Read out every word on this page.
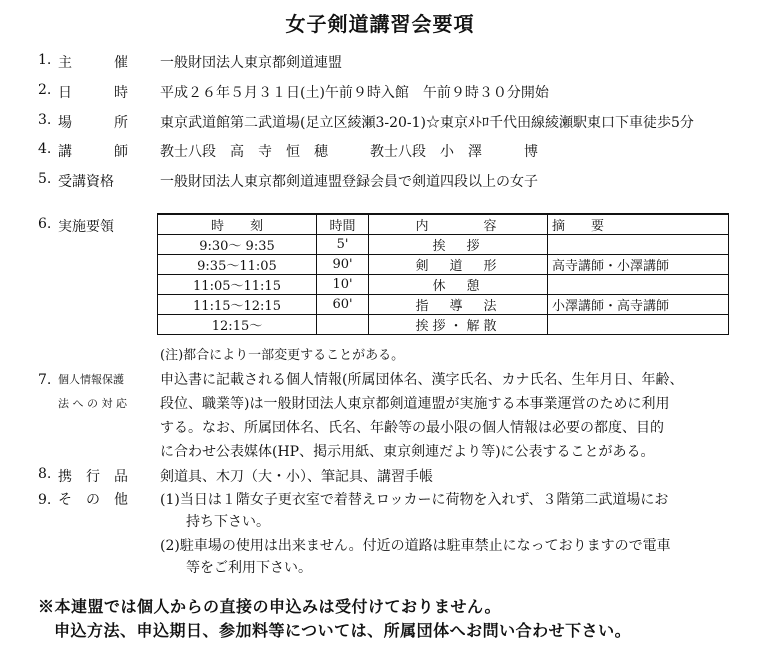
女子剣道講習会要項
1. 主　　　催	一般財団法人東京都剣道連盟
2. 日　　　時	平成２６年５月３１日(土)午前９時入館　午前９時３０分開始
3. 場　　　所	東京武道館第二武道場(足立区綾瀬3-20-1)☆東京ﾒﾄﾛ千代田線綾瀬駅東口下車徒歩5分
4. 講　　　師	教士八段　高　寺　恒　穂　　　教士八段　小　澤　　　博
5. 受講資格	一般財団法人東京都剣道連盟登録会員で剣道四段以上の女子
6. 実施要領	時　　刻	時間	内　　　容	摘　　要
9:30～ 9:35	5'	挨　拶	
9:35～11:05	90'	剣　道　形	高寺講師・小澤講師
11:05～11:15	10'	休　憩	
11:15～12:15	60'	指　導　法	小澤講師・高寺講師
12:15～		挨拶・解散	
(注)都合により一部変更することがある。
7. 個人情報保護
法 へ の 対 応
申込書に記載される個人情報(所属団体名、漢字氏名、カナ氏名、生年月日、年齢、
段位、職業等)は一般財団法人東京都剣道連盟が実施する本事業運営のために利用
する。なお、所属団体名、氏名、年齢等の最小限の個人情報は必要の都度、目的
に合わせ公表媒体(HP、掲示用紙、東京剣連だより等)に公表することがある。
8. 携　行　品	剣道具、木刀（大・小）、筆記具、講習手帳
9. そ　の　他	(1)当日は１階女子更衣室で着替えロッカーに荷物を入れず、３階第二武道場にお
持ち下さい。
(2)駐車場の使用は出来ません。付近の道路は駐車禁止になっておりますので電車
等をご利用下さい。
※本連盟では個人からの直接の申込みは受付けておりません。
申込方法、申込期日、参加料等については、所属団体へお問い合わせ下さい。
